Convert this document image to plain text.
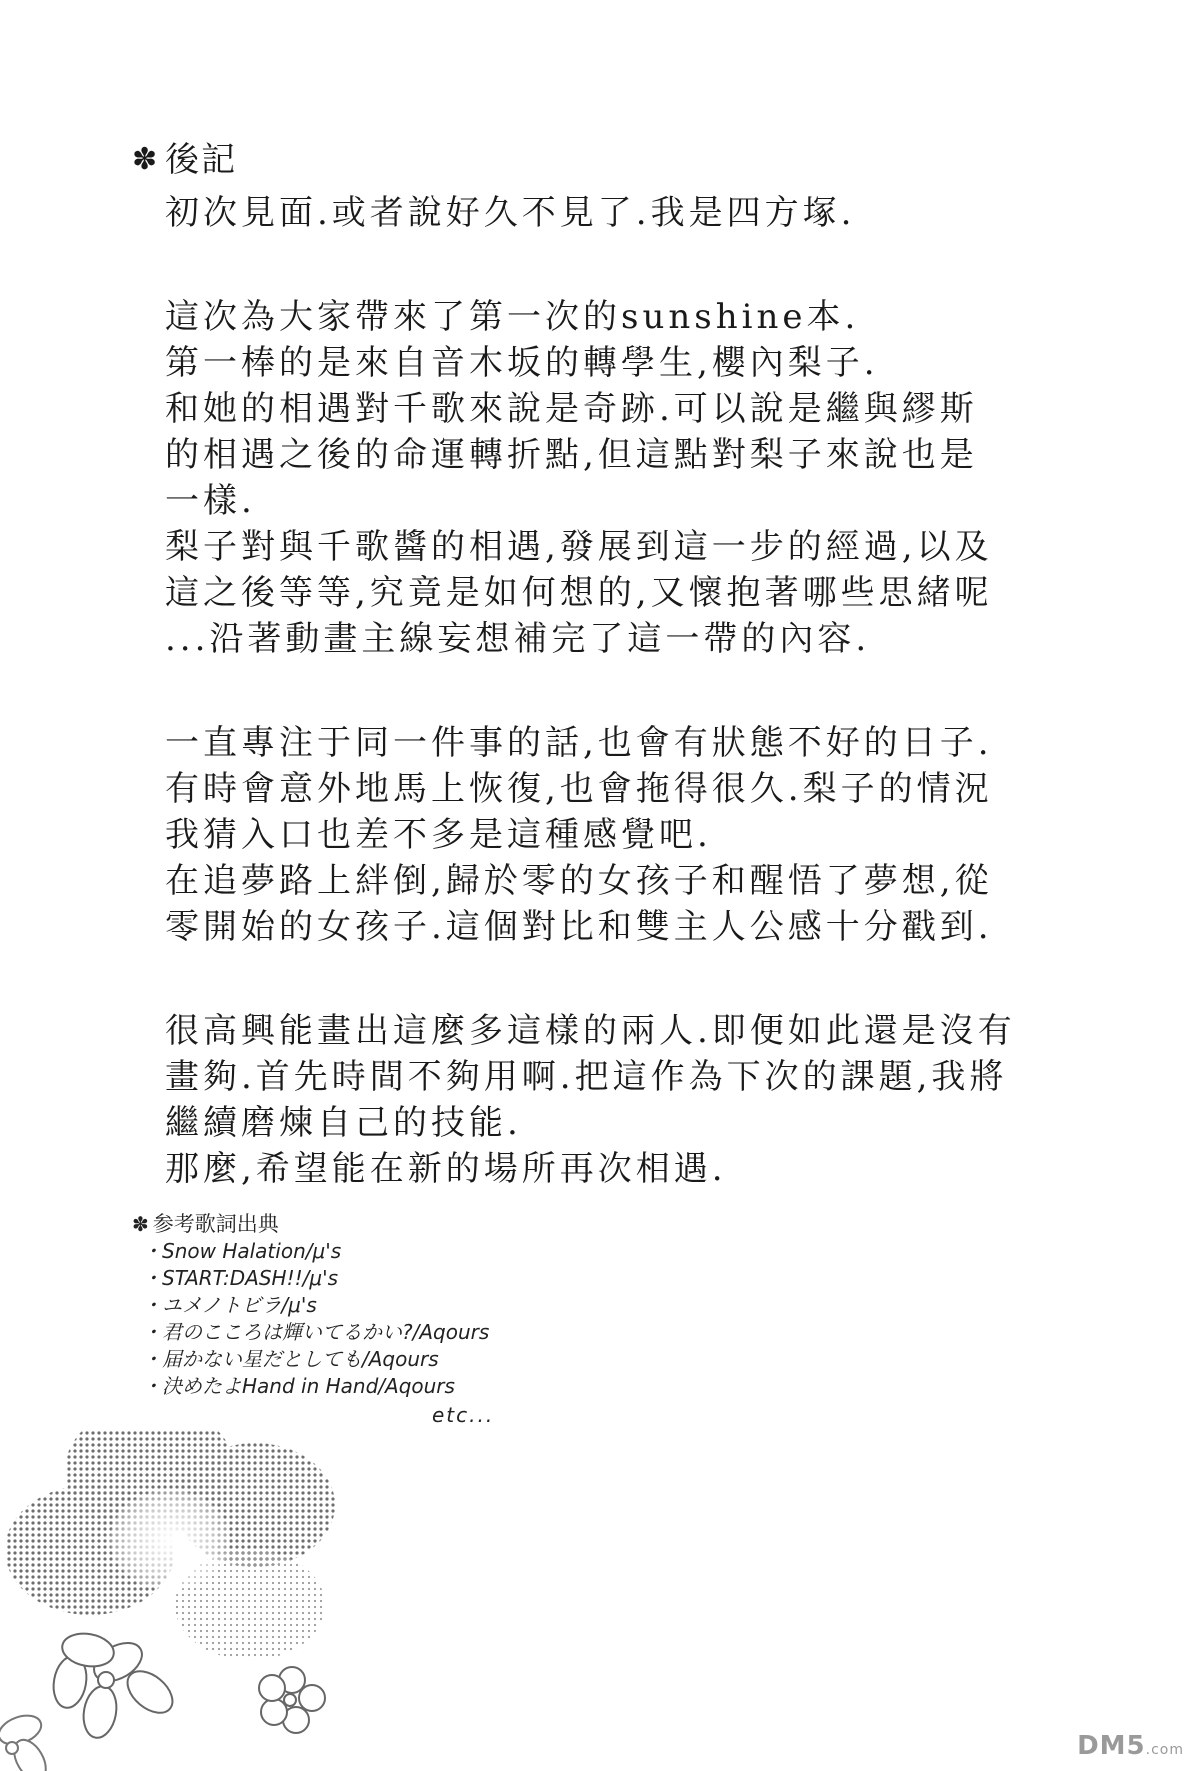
✽ 後記
初次見面.或者說好久不見了.我是四方塚.
這次為大家帶來了第一次的sunshine本.
第一棒的是來自音木坂的轉學生,櫻內梨子.
和她的相遇對千歌來說是奇跡.可以說是繼與繆斯
的相遇之後的命運轉折點,但這點對梨子來說也是
一樣.
梨子對與千歌醬的相遇,發展到這一步的經過,以及
這之後等等,究竟是如何想的,又懷抱著哪些思緒呢
...沿著動畫主線妄想補完了這一帶的內容.
一直專注于同一件事的話,也會有狀態不好的日子.
有時會意外地馬上恢復,也會拖得很久.梨子的情況
我猜入口也差不多是這種感覺吧.
在追夢路上絆倒,歸於零的女孩子和醒悟了夢想,從
零開始的女孩子.這個對比和雙主人公感十分戳到.
很高興能畫出這麼多這樣的兩人.即便如此還是沒有
畫夠.首先時間不夠用啊.把這作為下次的課題,我將
繼續磨煉自己的技能.
那麼,希望能在新的場所再次相遇.
✽ 参考歌詞出典
・Snow Halation/μ's
・START:DASH!!/μ's
・ユメノトビラ/μ's
・君のこころは輝いてるかい?/Aqours
・届かない星だとしても/Aqours
・決めたよHand in Hand/Aqours
etc...
DM5.com
